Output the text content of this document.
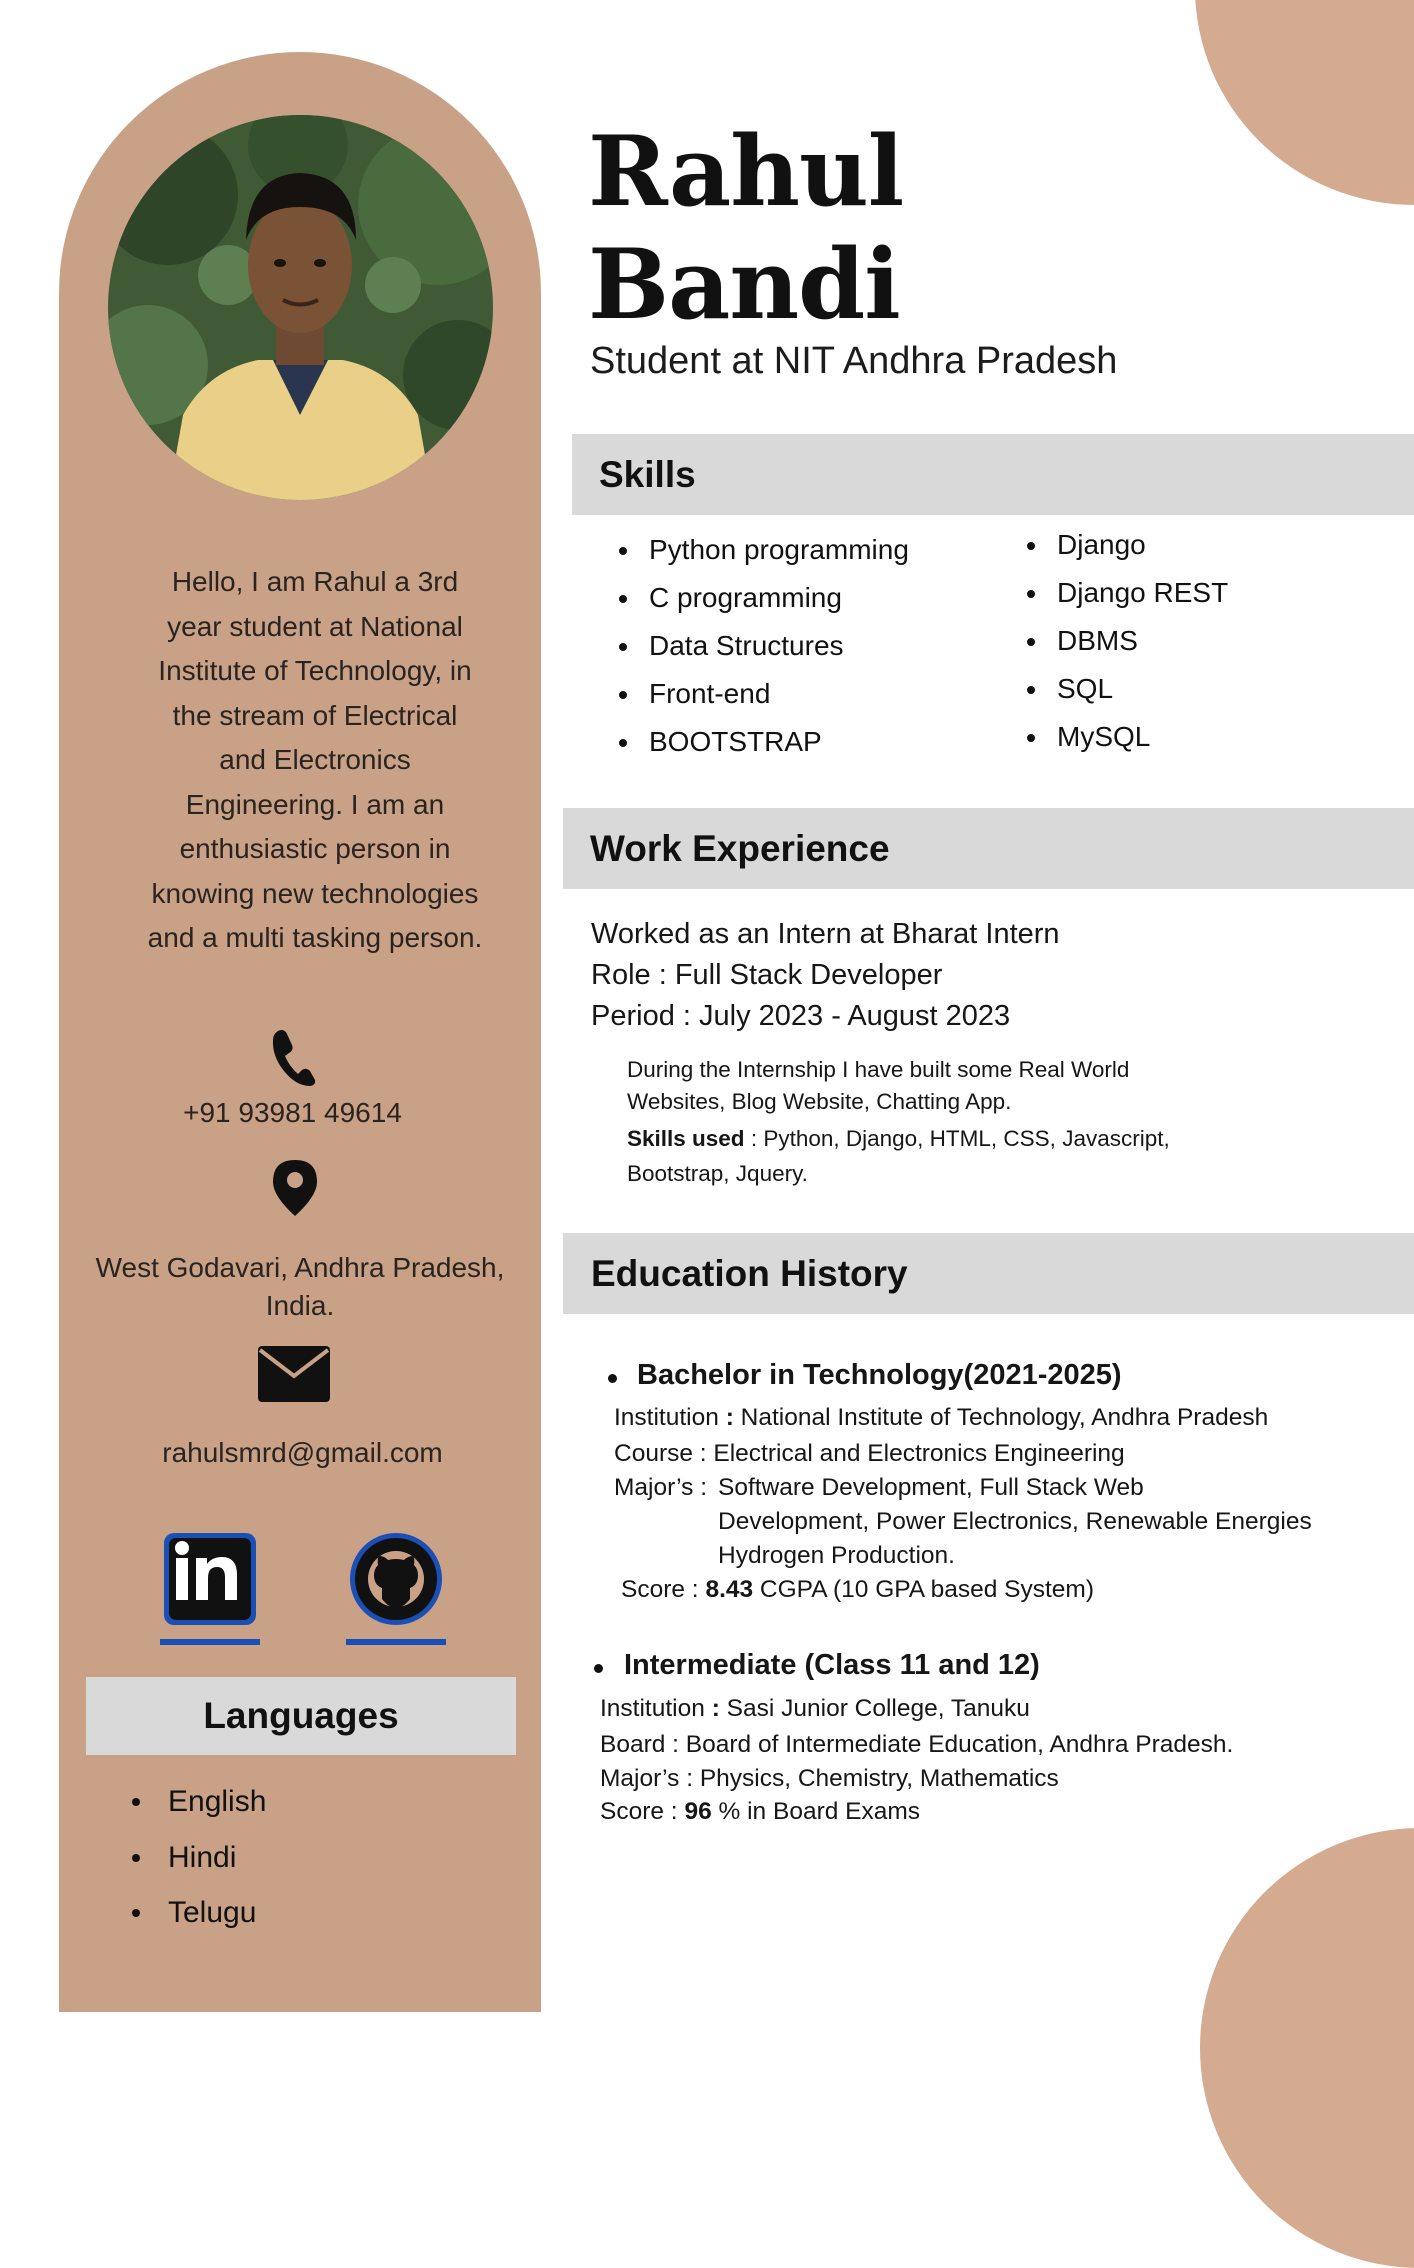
Hello, I am Rahul a 3rd
year student at National
Institute of Technology, in
the stream of Electrical
and Electronics
Engineering. I am an
enthusiastic person in
knowing new technologies
and a multi tasking person.
+91 93981 49614
West Godavari, Andhra Pradesh,
India.
rahulsmrd@gmail.com
Languages
English
Hindi
Telugu
Rahul
Bandi
Student at NIT Andhra Pradesh
Skills
Python programming
C programming
Data Structures
Front-end
BOOTSTRAP
Django
Django REST
DBMS
SQL
MySQL
Work Experience
Worked as an Intern at Bharat Intern
Role : Full Stack Developer
Period : July 2023 - August 2023
During the Internship I have built some Real World
Websites, Blog Website, Chatting App.
Skills used : Python, Django, HTML, CSS, Javascript,
Bootstrap, Jquery.
Education History
Bachelor in Technology(2021-2025)
Institution : National Institute of Technology, Andhra Pradesh
Course : Electrical and Electronics Engineering
Major’s : Software Development, Full Stack Web
Development, Power Electronics, Renewable Energies
Hydrogen Production.
Score : 8.43 CGPA (10 GPA based System)
Intermediate (Class 11 and 12)
Institution : Sasi Junior College, Tanuku
Board : Board of Intermediate Education, Andhra Pradesh.
Major’s : Physics, Chemistry, Mathematics
Score : 96 % in Board Exams
